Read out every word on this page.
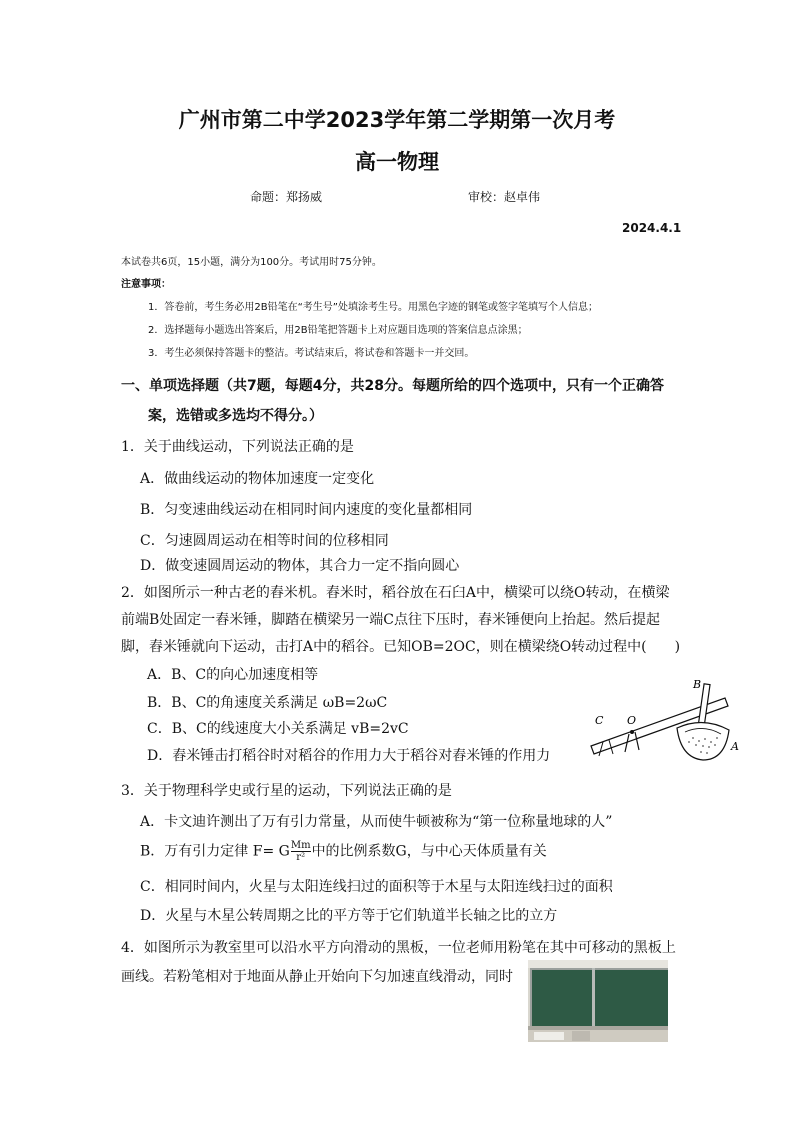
广州市第二中学2023学年第二学期第一次月考
高一物理
命题：郑扬威	审校：赵卓伟
2024.4.1
本试卷共6页，15小题，满分为100分。考试用时75分钟。
注意事项：
1．答卷前，考生务必用2B铅笔在“考生号”处填涂考生号。用黑色字迹的钢笔或签字笔填写个人信息；
2．选择题每小题选出答案后，用2B铅笔把答题卡上对应题目选项的答案信息点涂黑；
3．考生必须保持答题卡的整洁。考试结束后，将试卷和答题卡一并交回。
一、单项选择题（共7题，每题4分，共28分。每题所给的四个选项中，只有一个正确答
案，选错或多选均不得分。）
1．关于曲线运动，下列说法正确的是
A．做曲线运动的物体加速度一定变化
B．匀变速曲线运动在相同时间内速度的变化量都相同
C．匀速圆周运动在相等时间的位移相同
D．做变速圆周运动的物体，其合力一定不指向圆心
2．如图所示一种古老的舂米机。舂米时，稻谷放在石臼A中，横梁可以绕O转动，在横梁
前端B处固定一舂米锤，脚踏在横梁另一端C点往下压时，舂米锤便向上抬起。然后提起
脚，舂米锤就向下运动，击打A中的稻谷。已知OB=2OC，则在横梁绕O转动过程中(　　)
A．B、C的向心加速度相等
B．B、C的角速度关系满足 ωB=2ωC
C．B、C的线速度大小关系满足 vB=2vC
D．舂米锤击打稻谷时对稻谷的作用力大于稻谷对舂米锤的作用力
B
O
C
A
3．关于物理科学史或行星的运动，下列说法正确的是
A．卡文迪许测出了万有引力常量，从而使牛顿被称为“第一位称量地球的人”
B．万有引力定律 F= G $\frac{Mm}{\text{r²}}$ 中的比例系数G，与中心天体质量有关
C．相同时间内，火星与太阳连线扫过的面积等于木星与太阳连线扫过的面积
D．火星与木星公转周期之比的平方等于它们轨道半长轴之比的立方
4．如图所示为教室里可以沿水平方向滑动的黑板，一位老师用粉笔在其中可移动的黑板上
画线。若粉笔相对于地面从静止开始向下匀加速直线滑动，同时
